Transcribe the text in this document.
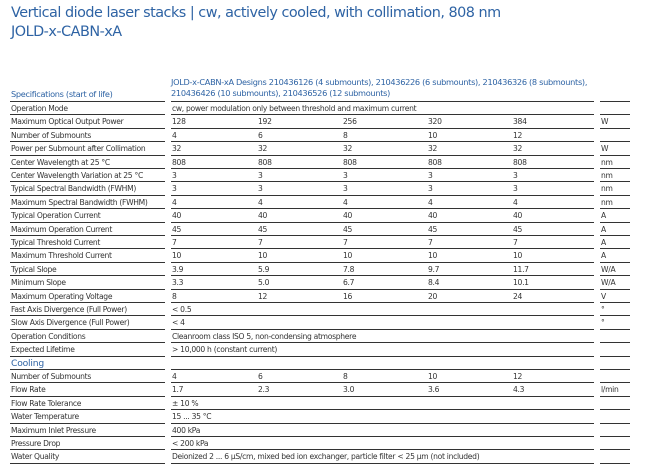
Vertical diode laser stacks | cw, actively cooled, with collimation, 808 nm
JOLD-x-CABN-xA
Specifications (start of life)
JOLD-x-CABN-xA Designs 210436126 (4 submounts), 210436226 (6 submounts), 210436326 (8 submounts),
210436426 (10 submounts), 210436526 (12 submounts)
Operation Mode	cw, power modulation only between threshold and maximum current
Maximum Optical Output Power	128	192	256	320	384	W
Number of Submounts	4	6	8	10	12
Power per Submount after Collimation	32	32	32	32	32	W
Center Wavelength at 25 °C	808	808	808	808	808	nm
Center Wavelength Variation at 25 °C	3	3	3	3	3	nm
Typical Spectral Bandwidth (FWHM)	3	3	3	3	3	nm
Maximum Spectral Bandwidth (FWHM)	4	4	4	4	4	nm
Typical Operation Current	40	40	40	40	40	A
Maximum Operation Current	45	45	45	45	45	A
Typical Threshold Current	7	7	7	7	7	A
Maximum Threshold Current	10	10	10	10	10	A
Typical Slope	3.9	5.9	7.8	9.7	11.7	W/A
Minimum Slope	3.3	5.0	6.7	8.4	10.1	W/A
Maximum Operating Voltage	8	12	16	20	24	V
Fast Axis Divergence (Full Power)	< 0.5	°
Slow Axis Divergence (Full Power)	< 4	°
Operation Conditions	Cleanroom class ISO 5, non-condensing atmosphere
Expected Lifetime	> 10,000 h (constant current)
Cooling
Number of Submounts	4	6	8	10	12
Flow Rate	1.7	2.3	3.0	3.6	4.3	l/min
Flow Rate Tolerance	± 10 %
Water Temperature	15 ... 35 °C
Maximum Inlet Pressure	400 kPa
Pressure Drop	< 200 kPa
Water Quality	Deionized 2 ... 6 µS/cm, mixed bed ion exchanger, particle filter < 25 µm (not included)
